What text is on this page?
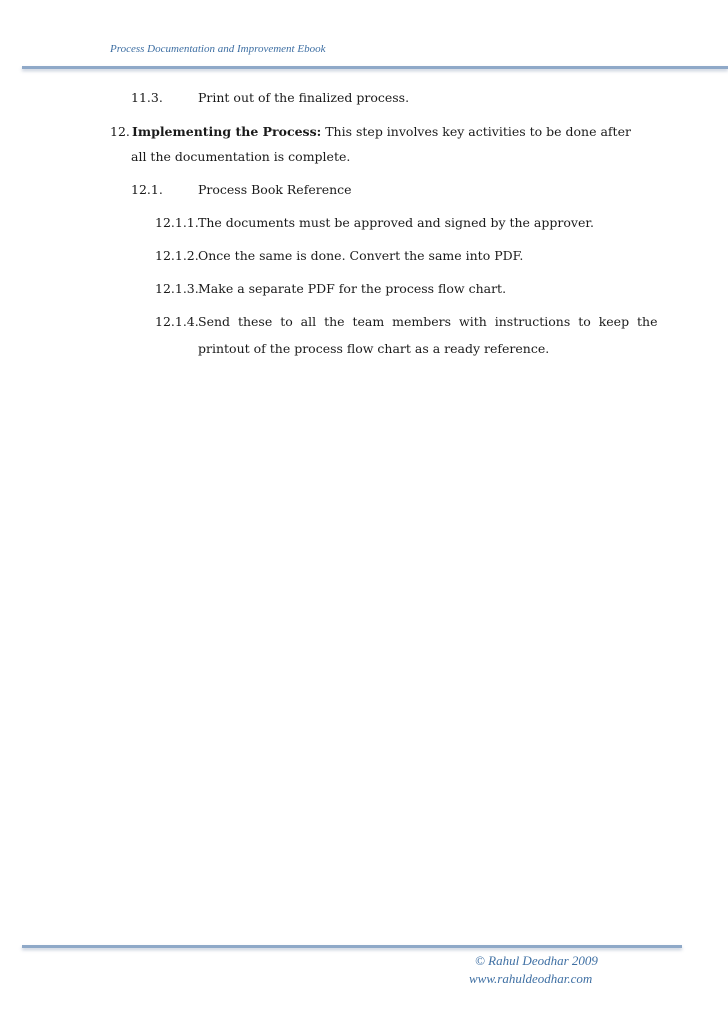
Process Documentation and Improvement Ebook
11.3.	Print out of the finalized process.
12. Implementing the Process: This step involves key activities to be done after
all the documentation is complete.
12.1.	Process Book Reference
12.1.1.The documents must be approved and signed by the approver.
12.1.2.Once the same is done. Convert the same into PDF.
12.1.3.Make a separate PDF for the process flow chart.
12.1.4.Send  these  to  all  the  team  members  with  instructions  to  keep  the
printout of the process flow chart as a ready reference.
© Rahul Deodhar 2009
www.rahuldeodhar.com
